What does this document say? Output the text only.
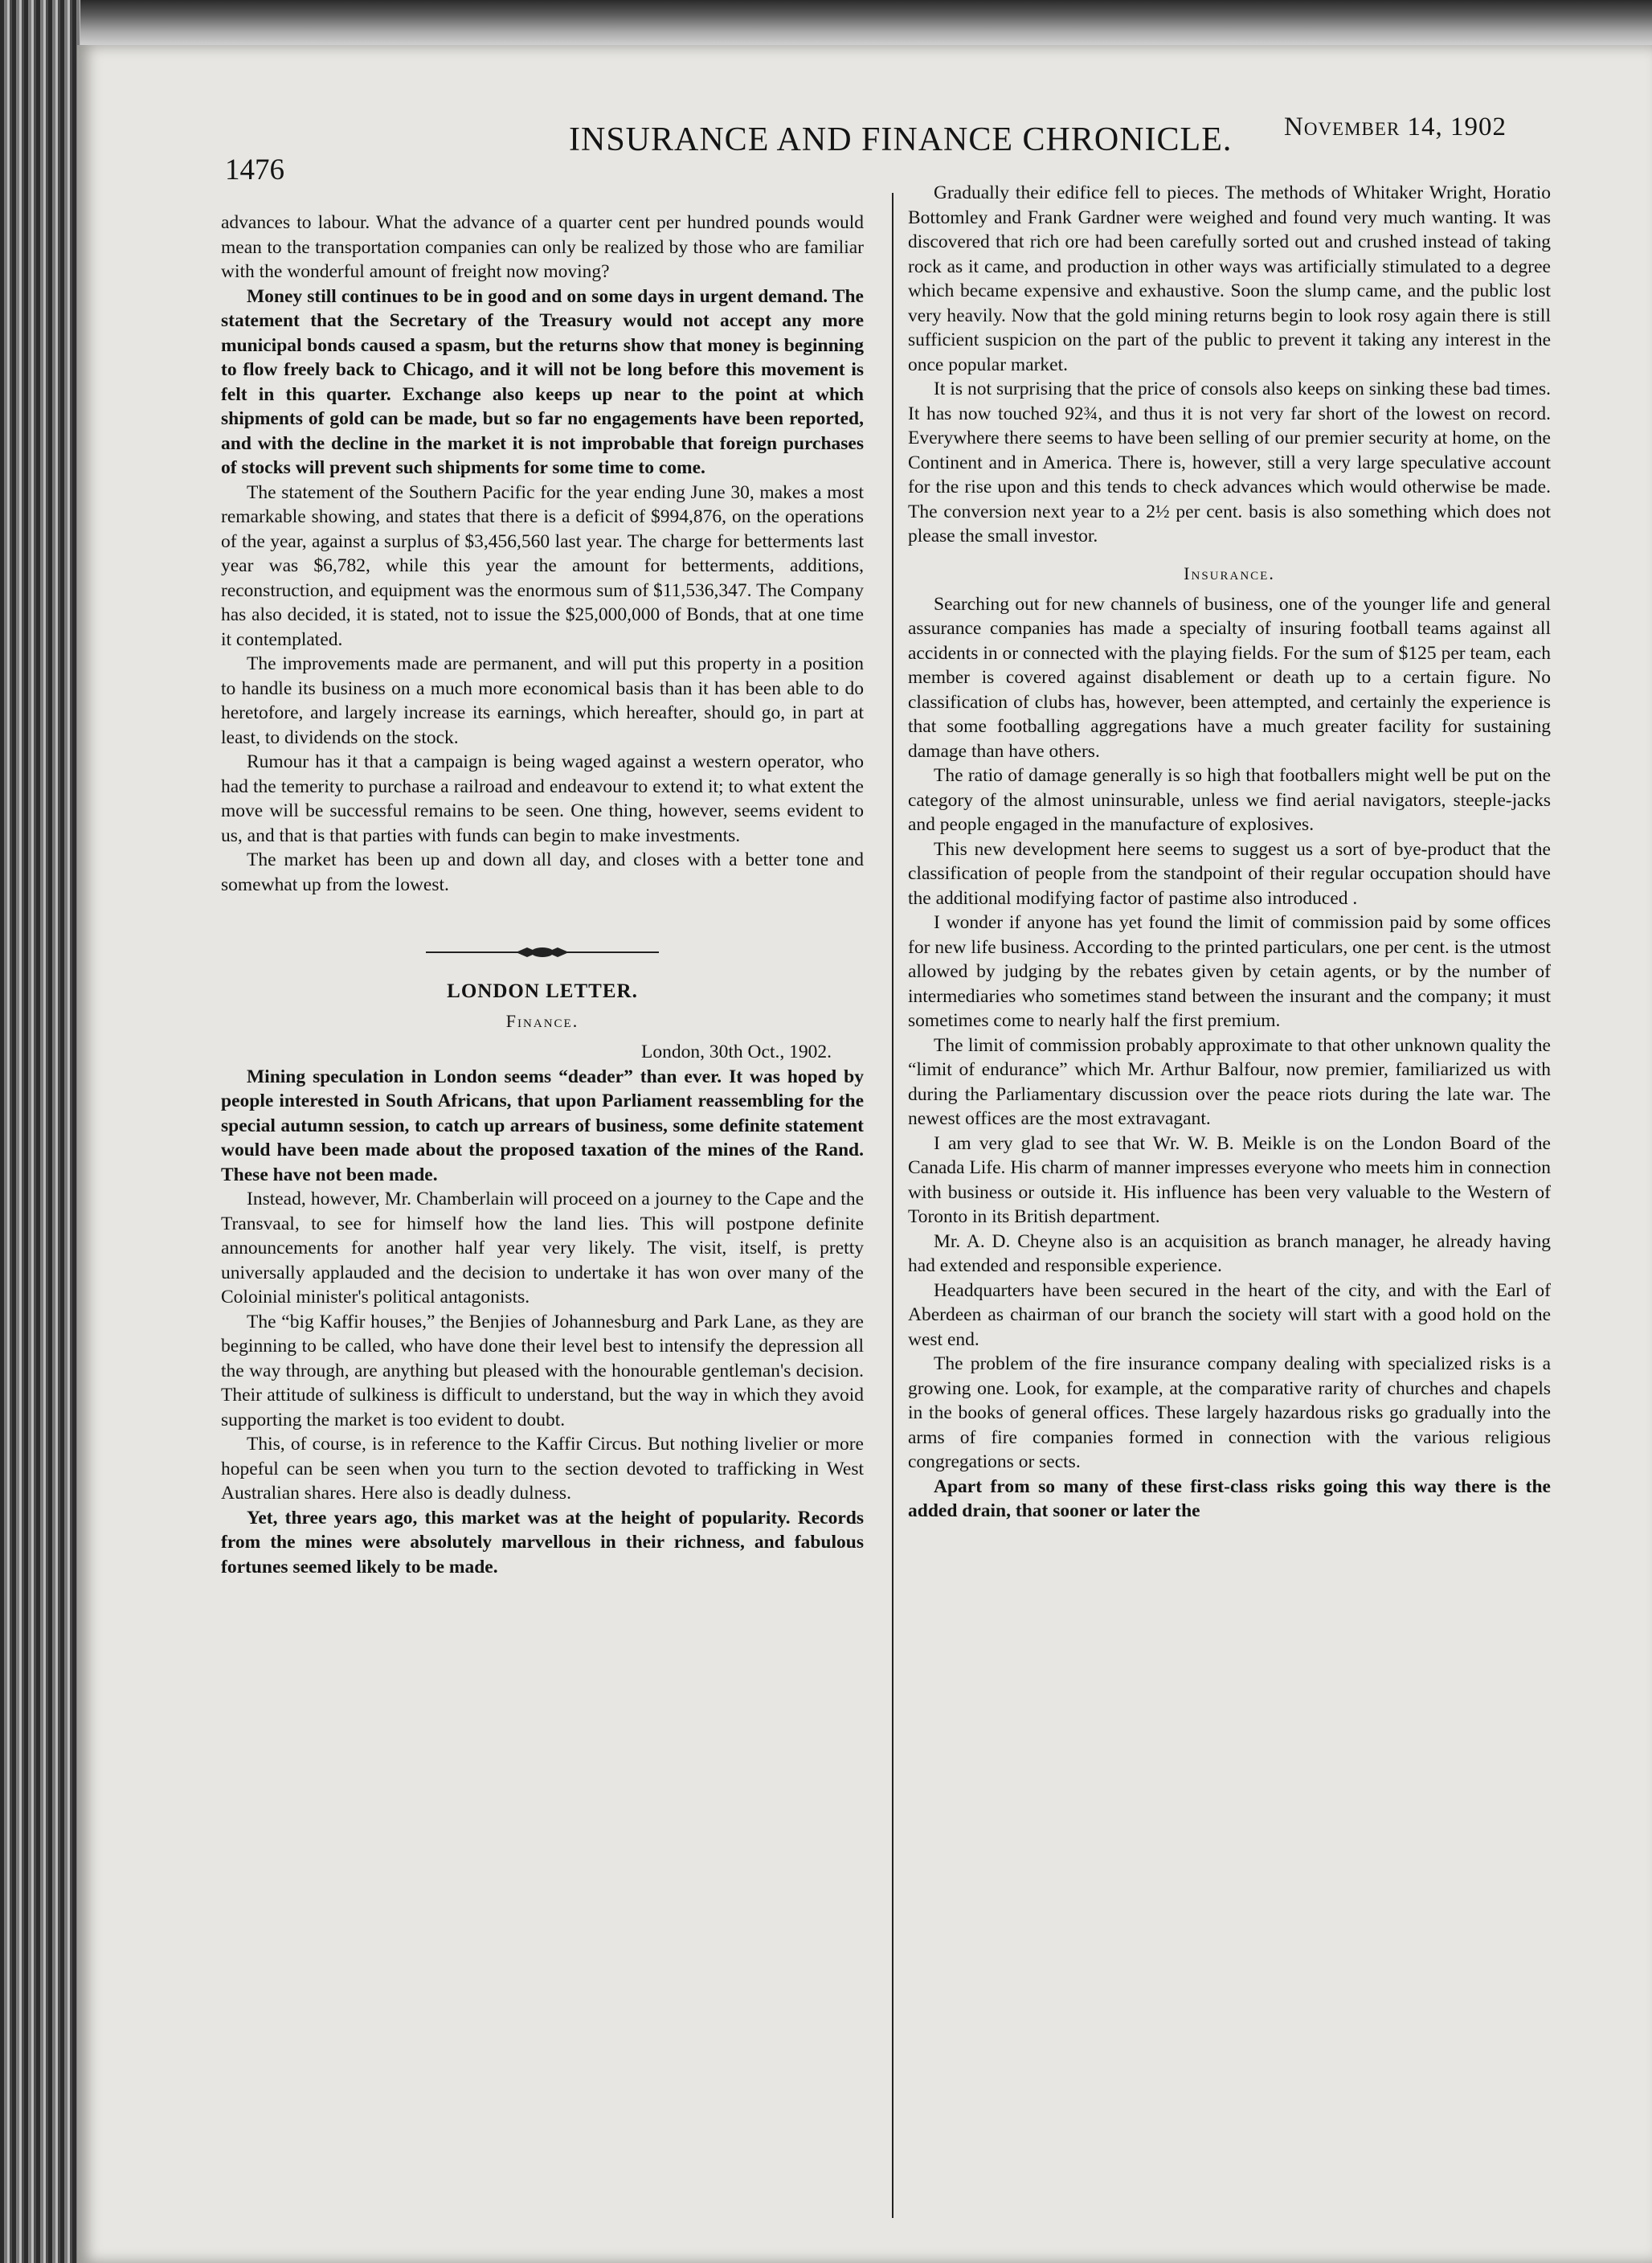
1476
INSURANCE AND FINANCE CHRONICLE. November 14, 1902

advances to labour. What the advance of a quarter cent per hundred pounds would mean to the transportation companies can only be realized by those who are familiar with the wonderful amount of freight now moving?

Money still continues to be in good and on some days in urgent demand. The statement that the Secretary of the Treasury would not accept any more municipal bonds caused a spasm, but the returns show that money is beginning to flow freely back to Chicago, and it will not be long before this movement is felt in this quarter. Exchange also keeps up near to the point at which shipments of gold can be made, but so far no engagements have been reported, and with the decline in the market it is not improbable that foreign purchases of stocks will prevent such shipments for some time to come.

The statement of the Southern Pacific for the year ending June 30, makes a most remarkable showing, and states that there is a deficit of $994,876, on the operations of the year, against a surplus of $3,456,560 last year. The charge for betterments last year was $6,782, while this year the amount for betterments, additions, reconstruction, and equipment was the enormous sum of $11,536,347. The Company has also decided, it is stated, not to issue the $25,000,000 of Bonds, that at one time it contemplated.

The improvements made are permanent, and will put this property in a position to handle its business on a much more economical basis than it has been able to do heretofore, and largely increase its earnings, which hereafter, should go, in part at least, to dividends on the stock.

Rumour has it that a campaign is being waged against a western operator, who had the temerity to purchase a railroad and endeavour to extend it; to what extent the move will be successful remains to be seen. One thing, however, seems evident to us, and that is that parties with funds can begin to make investments.

The market has been up and down all day, and closes with a better tone and somewhat up from the lowest.

LONDON LETTER.
Finance.
London, 30th Oct., 1902.

Mining speculation in London seems “deader” than ever. It was hoped by people interested in South Africans, that upon Parliament reassembling for the special autumn session, to catch up arrears of business, some definite statement would have been made about the proposed taxation of the mines of the Rand. These have not been made.

Instead, however, Mr. Chamberlain will proceed on a journey to the Cape and the Transvaal, to see for himself how the land lies. This will postpone definite announcements for another half year very likely. The visit, itself, is pretty universally applauded and the decision to undertake it has won over many of the Coloinial minister's political antagonists.

The “big Kaffir houses,” the Benjies of Johannesburg and Park Lane, as they are beginning to be called, who have done their level best to intensify the depression all the way through, are anything but pleased with the honourable gentleman's decision. Their attitude of sulkiness is difficult to understand, but the way in which they avoid supporting the market is too evident to doubt.

This, of course, is in reference to the Kaffir Circus. But nothing livelier or more hopeful can be seen when you turn to the section devoted to trafficking in West Australian shares. Here also is deadly dulness.

Yet, three years ago, this market was at the height of popularity. Records from the mines were absolutely marvellous in their richness, and fabulous fortunes seemed likely to be made.

Gradually their edifice fell to pieces. The methods of Whitaker Wright, Horatio Bottomley and Frank Gardner were weighed and found very much wanting. It was discovered that rich ore had been carefully sorted out and crushed instead of taking rock as it came, and production in other ways was artificially stimulated to a degree which became expensive and exhaustive. Soon the slump came, and the public lost very heavily. Now that the gold mining returns begin to look rosy again there is still sufficient suspicion on the part of the public to prevent it taking any interest in the once popular market.

It is not surprising that the price of consols also keeps on sinking these bad times. It has now touched 92¾, and thus it is not very far short of the lowest on record. Everywhere there seems to have been selling of our premier security at home, on the Continent and in America. There is, however, still a very large speculative account for the rise upon and this tends to check advances which would otherwise be made. The conversion next year to a 2½ per cent. basis is also something which does not please the small investor.

Insurance.

Searching out for new channels of business, one of the younger life and general assurance companies has made a specialty of insuring football teams against all accidents in or connected with the playing fields. For the sum of $125 per team, each member is covered against disablement or death up to a certain figure. No classification of clubs has, however, been attempted, and certainly the experience is that some footballing aggregations have a much greater facility for sustaining damage than have others.

The ratio of damage generally is so high that footballers might well be put on the category of the almost uninsurable, unless we find aerial navigators, steeple-jacks and people engaged in the manufacture of explosives.

This new development here seems to suggest us a sort of bye-product that the classification of people from the standpoint of their regular occupation should have the additional modifying factor of pastime also introduced .

I wonder if anyone has yet found the limit of commission paid by some offices for new life business. According to the printed particulars, one per cent. is the utmost allowed by judging by the rebates given by cetain agents, or by the number of intermediaries who sometimes stand between the insurant and the company; it must sometimes come to nearly half the first premium.

The limit of commission probably approximate to that other unknown quality the “limit of endurance” which Mr. Arthur Balfour, now premier, familiarized us with during the Parliamentary discussion over the peace riots during the late war. The newest offices are the most extravagant.

I am very glad to see that Wr. W. B. Meikle is on the London Board of the Canada Life. His charm of manner impresses everyone who meets him in connection with business or outside it. His influence has been very valuable to the Western of Toronto in its British department.

Mr. A. D. Cheyne also is an acquisition as branch manager, he already having had extended and responsible experience.

Headquarters have been secured in the heart of the city, and with the Earl of Aberdeen as chairman of our branch the society will start with a good hold on the west end.

The problem of the fire insurance company dealing with specialized risks is a growing one. Look, for example, at the comparative rarity of churches and chapels in the books of general offices. These largely hazardous risks go gradually into the arms of fire companies formed in connection with the various religious congregations or sects.

Apart from so many of these first-class risks going this way there is the added drain, that sooner or later the
